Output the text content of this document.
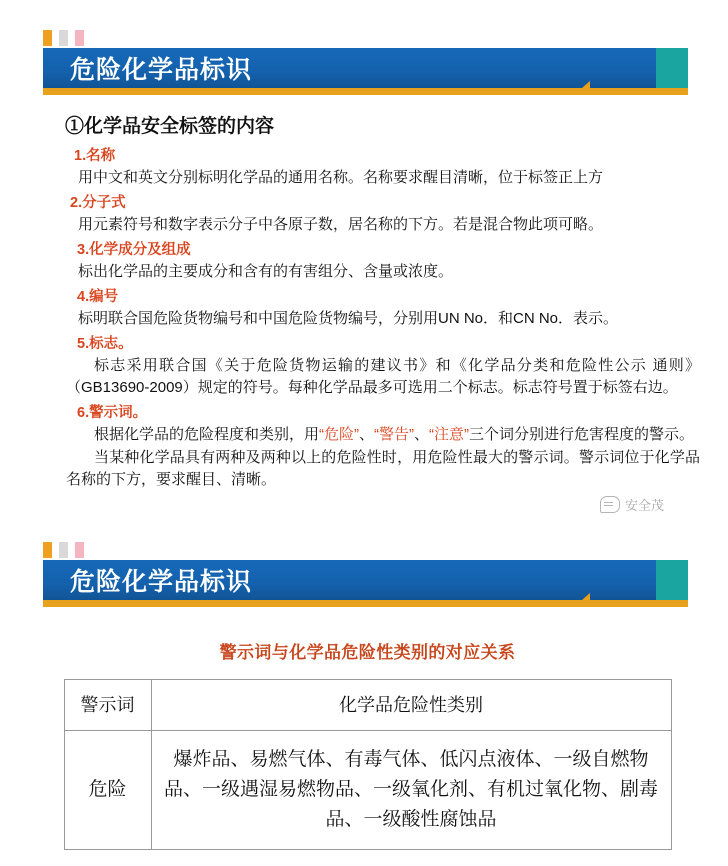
危险化学品标识
①化学品安全标签的内容
1.名称

用中文和英文分别标明化学品的通用名称。名称要求醒目清晰，位于标签正上方

2.分子式

用元素符号和数字表示分子中各原子数，居名称的下方。若是混合物此项可略。

3.化学成分及组成

标出化学品的主要成分和含有的有害组分、含量或浓度。

4.编号

标明联合国危险货物编号和中国危险货物编号，分别用UN No．和CN No．表示。

5.标志。

标志采用联合国《关于危险货物运输的建议书》和《化学品分类和危险性公示 通则》（GB13690-2009）规定的符号。每种化学品最多可选用二个标志。标志符号置于标签右边。

6.警示词。

根据化学品的危险程度和类别，用“危险”、“警告”、“注意”三个词分别进行危害程度的警示。

当某种化学品具有两种及两种以上的危险性时，用危险性最大的警示词。警示词位于化学品名称的下方，要求醒目、清晰。

安全茂
危险化学品标识
警示词与化学品危险性类别的对应关系
警示词	化学品危险性类别
危险	爆炸品、易燃气体、有毒气体、低闪点液体、一级自燃物品、一级遇湿易燃物品、一级氧化剂、有机过氧化物、剧毒品、一级酸性腐蚀品
